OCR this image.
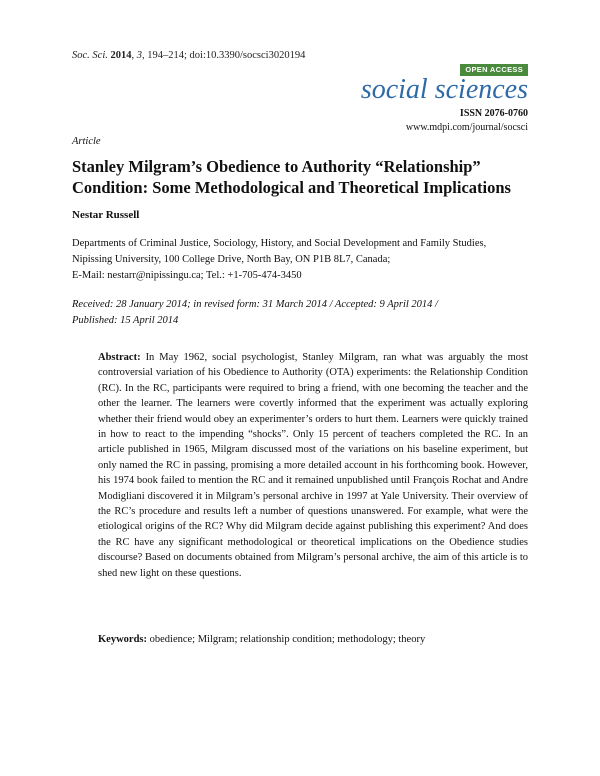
Soc. Sci. 2014, 3, 194–214; doi:10.3390/socsci3020194
OPEN ACCESS
social sciences
ISSN 2076-0760
www.mdpi.com/journal/socsci
Article
Stanley Milgram’s Obedience to Authority “Relationship” Condition: Some Methodological and Theoretical Implications
Nestar Russell
Departments of Criminal Justice, Sociology, History, and Social Development and Family Studies,
Nipissing University, 100 College Drive, North Bay, ON P1B 8L7, Canada;
E-Mail: nestarr@nipissingu.ca; Tel.: +1-705-474-3450
Received: 28 January 2014; in revised form: 31 March 2014 / Accepted: 9 April 2014 /
Published: 15 April 2014
Abstract: In May 1962, social psychologist, Stanley Milgram, ran what was arguably the most controversial variation of his Obedience to Authority (OTA) experiments: the Relationship Condition (RC). In the RC, participants were required to bring a friend, with one becoming the teacher and the other the learner. The learners were covertly informed that the experiment was actually exploring whether their friend would obey an experimenter’s orders to hurt them. Learners were quickly trained in how to react to the impending “shocks”. Only 15 percent of teachers completed the RC. In an article published in 1965, Milgram discussed most of the variations on his baseline experiment, but only named the RC in passing, promising a more detailed account in his forthcoming book. However, his 1974 book failed to mention the RC and it remained unpublished until François Rochat and Andre Modigliani discovered it in Milgram’s personal archive in 1997 at Yale University. Their overview of the RC’s procedure and results left a number of questions unanswered. For example, what were the etiological origins of the RC? Why did Milgram decide against publishing this experiment? And does the RC have any significant methodological or theoretical implications on the Obedience studies discourse? Based on documents obtained from Milgram’s personal archive, the aim of this article is to shed new light on these questions.
Keywords: obedience; Milgram; relationship condition; methodology; theory
